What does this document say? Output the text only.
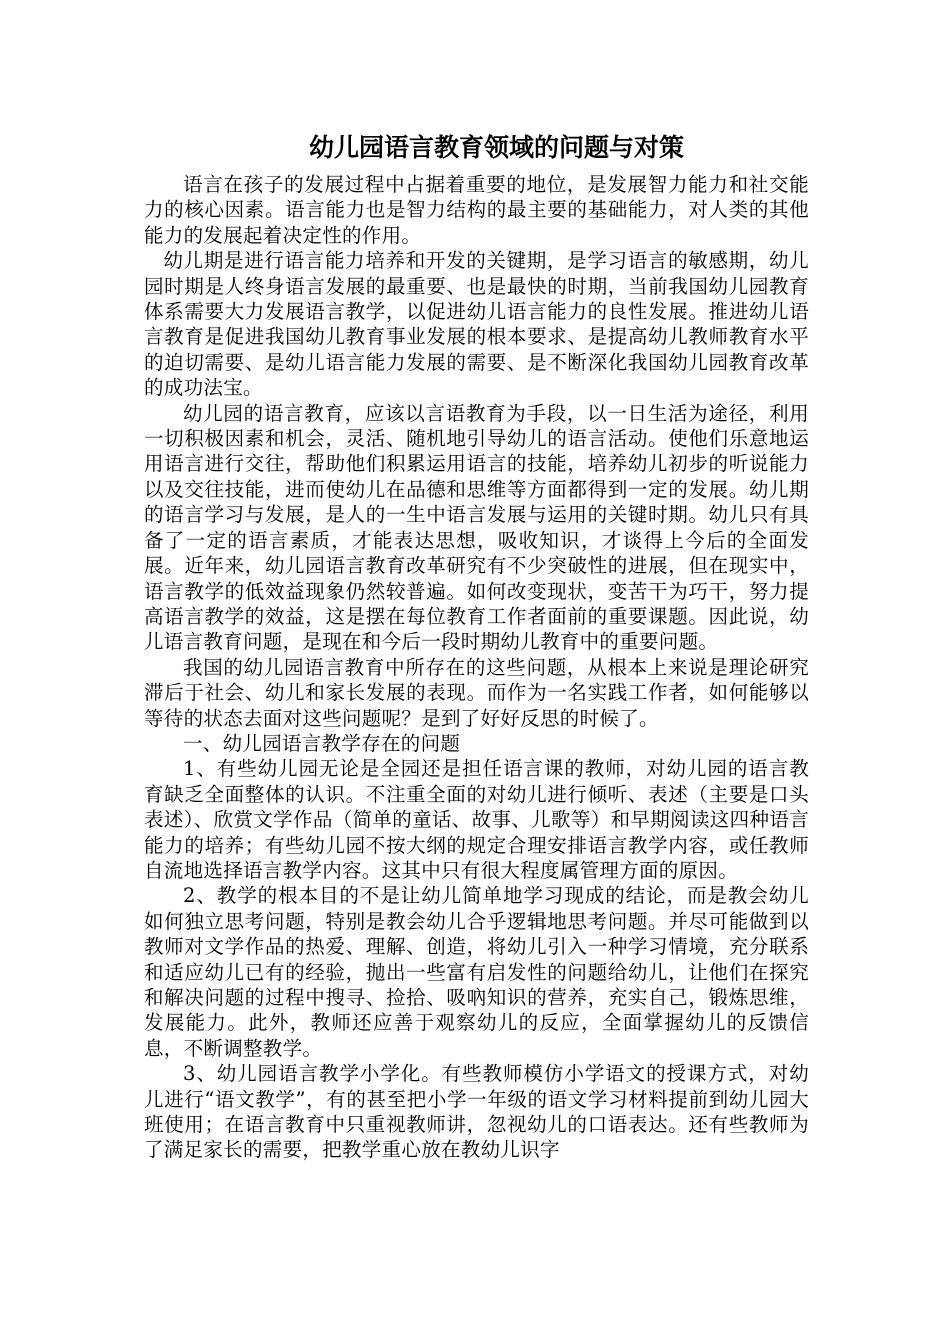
幼儿园语言教育领域的问题与对策

语言在孩子的发展过程中占据着重要的地位，是发展智力能力和社交能力的核心因素。语言能力也是智力结构的最主要的基础能力，对人类的其他能力的发展起着决定性的作用。

幼儿期是进行语言能力培养和开发的关键期，是学习语言的敏感期，幼儿园时期是人终身语言发展的最重要、也是最快的时期，当前我国幼儿园教育体系需要大力发展语言教学，以促进幼儿语言能力的良性发展。推进幼儿语言教育是促进我国幼儿教育事业发展的根本要求、是提高幼儿教师教育水平的迫切需要、是幼儿语言能力发展的需要、是不断深化我国幼儿园教育改革的成功法宝。

幼儿园的语言教育，应该以言语教育为手段，以一日生活为途径，利用一切积极因素和机会，灵活、随机地引导幼儿的语言活动。使他们乐意地运用语言进行交往，帮助他们积累运用语言的技能，培养幼儿初步的听说能力以及交往技能，进而使幼儿在品德和思维等方面都得到一定的发展。幼儿期的语言学习与发展，是人的一生中语言发展与运用的关键时期。幼儿只有具备了一定的语言素质，才能表达思想，吸收知识，才谈得上今后的全面发展。近年来，幼儿园语言教育改革研究有不少突破性的进展，但在现实中，语言教学的低效益现象仍然较普遍。如何改变现状，变苦干为巧干，努力提高语言教学的效益，这是摆在每位教育工作者面前的重要课题。因此说，幼儿语言教育问题，是现在和今后一段时期幼儿教育中的重要问题。

我国的幼儿园语言教育中所存在的这些问题，从根本上来说是理论研究滞后于社会、幼儿和家长发展的表现。而作为一名实践工作者，如何能够以等待的状态去面对这些问题呢？是到了好好反思的时候了。

一、幼儿园语言教学存在的问题

1、有些幼儿园无论是全园还是担任语言课的教师，对幼儿园的语言教育缺乏全面整体的认识。不注重全面的对幼儿进行倾听、表述（主要是口头表述）、欣赏文学作品（简单的童话、故事、儿歌等）和早期阅读这四种语言能力的培养；有些幼儿园不按大纲的规定合理安排语言教学内容，或任教师自流地选择语言教学内容。这其中只有很大程度属管理方面的原因。

2、教学的根本目的不是让幼儿简单地学习现成的结论，而是教会幼儿如何独立思考问题，特别是教会幼儿合乎逻辑地思考问题。并尽可能做到以教师对文学作品的热爱、理解、创造，将幼儿引入一种学习情境，充分联系和适应幼儿已有的经验，抛出一些富有启发性的问题给幼儿，让他们在探究和解决问题的过程中搜寻、捡拾、吸吶知识的营养，充实自己，锻炼思维，发展能力。此外，教师还应善于观察幼儿的反应，全面掌握幼儿的反馈信息，不断调整教学。

3、幼儿园语言教学小学化。有些教师模仿小学语文的授课方式，对幼儿进行“语文教学”，有的甚至把小学一年级的语文学习材料提前到幼儿园大班使用；在语言教育中只重视教师讲，忽视幼儿的口语表达。还有些教师为了满足家长的需要，把教学重心放在教幼儿识字
